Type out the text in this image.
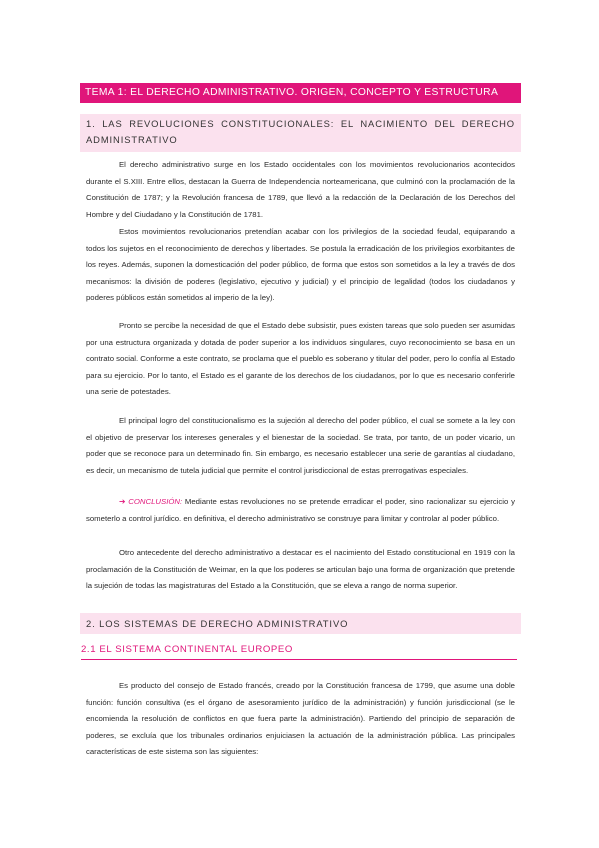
TEMA 1: EL DERECHO ADMINISTRATIVO. ORIGEN, CONCEPTO Y ESTRUCTURA
1. LAS REVOLUCIONES CONSTITUCIONALES: EL NACIMIENTO DEL DERECHO ADMINISTRATIVO

El derecho administrativo surge en los Estado occidentales con los movimientos revolucionarios acontecidos durante el S.XIII. Entre ellos, destacan la Guerra de Independencia norteamericana, que culminó con la proclamación de la Constitución de 1787; y la Revolución francesa de 1789, que llevó a la redacción de la Declaración de los Derechos del Hombre y del Ciudadano y la Constitución de 1781.

Estos movimientos revolucionarios pretendían acabar con los privilegios de la sociedad feudal, equiparando a todos los sujetos en el reconocimiento de derechos y libertades. Se postula la erradicación de los privilegios exorbitantes de los reyes. Además, suponen la domesticación del poder público, de forma que estos son sometidos a la ley a través de dos mecanismos: la división de poderes (legislativo, ejecutivo y judicial) y el principio de legalidad (todos los ciudadanos y poderes públicos están sometidos al imperio de la ley).

Pronto se percibe la necesidad de que el Estado debe subsistir, pues existen tareas que solo pueden ser asumidas por una estructura organizada y dotada de poder superior a los individuos singulares, cuyo reconocimiento se basa en un contrato social. Conforme a este contrato, se proclama que el pueblo es soberano y titular del poder, pero lo confía al Estado para su ejercicio. Por lo tanto, el Estado es el garante de los derechos de los ciudadanos, por lo que es necesario conferirle una serie de potestades.

El principal logro del constitucionalismo es la sujeción al derecho del poder público, el cual se somete a la ley con el objetivo de preservar los intereses generales y el bienestar de la sociedad. Se trata, por tanto, de un poder vicario, un poder que se reconoce para un determinado fin. Sin embargo, es necesario establecer una serie de garantías al ciudadano, es decir, un mecanismo de tutela judicial que permite el control jurisdiccional de estas prerrogativas especiales.

➔ CONCLUSIÓN: Mediante estas revoluciones no se pretende erradicar el poder, sino racionalizar su ejercicio y someterlo a control jurídico. en definitiva, el derecho administrativo se construye para limitar y controlar al poder público.

Otro antecedente del derecho administrativo a destacar es el nacimiento del Estado constitucional en 1919 con la proclamación de la Constitución de Weimar, en la que los poderes se articulan bajo una forma de organización que pretende la sujeción de todas las magistraturas del Estado a la Constitución, que se eleva a rango de norma superior.

2. LOS SISTEMAS DE DERECHO ADMINISTRATIVO
2.1 EL SISTEMA CONTINENTAL EUROPEO

Es producto del consejo de Estado francés, creado por la Constitución francesa de 1799, que asume una doble función: función consultiva (es el órgano de asesoramiento jurídico de la administración) y función jurisdiccional (se le encomienda la resolución de conflictos en que fuera parte la administración). Partiendo del principio de separación de poderes, se excluía que los tribunales ordinarios enjuiciasen la actuación de la administración pública. Las principales características de este sistema son las siguientes:
